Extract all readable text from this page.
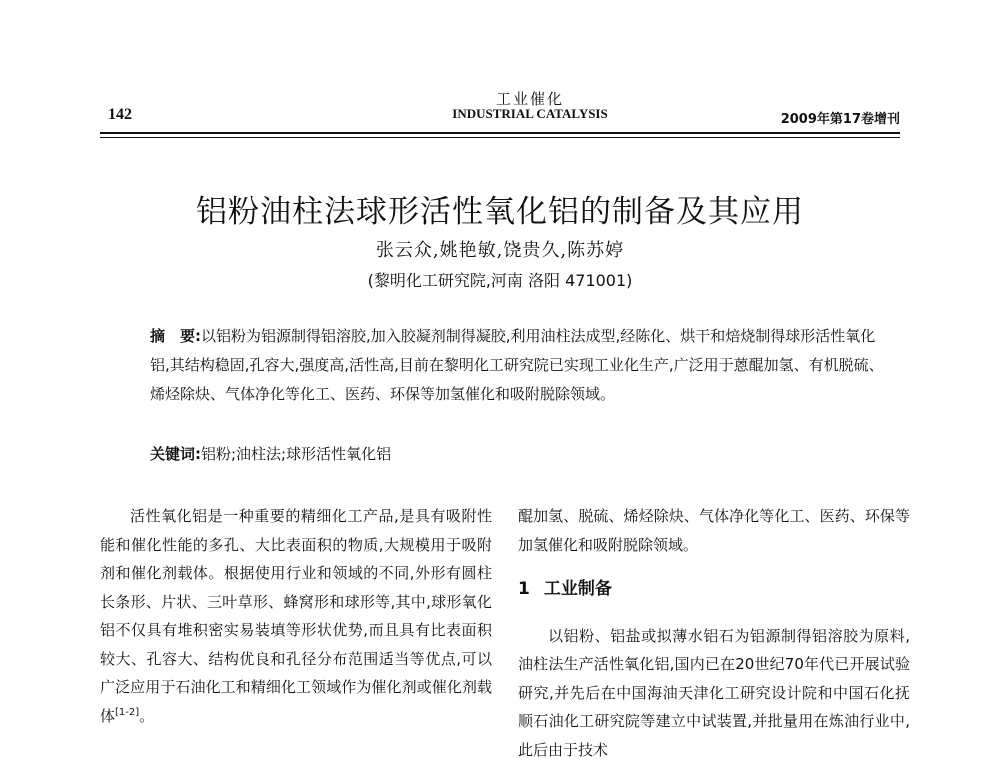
142
工业催化
INDUSTRIAL CATALYSIS	2009年第17卷增刊
铝粉油柱法球形活性氧化铝的制备及其应用
张云众,姚艳敏,饶贵久,陈苏婷
(黎明化工研究院,河南 洛阳 471001)

摘　要:以铝粉为铝源制得铝溶胶,加入胶凝剂制得凝胶,利用油柱法成型,经陈化、烘干和焙烧制得球形活性氧化铝,其结构稳固,孔容大,强度高,活性高,目前在黎明化工研究院已实现工业化生产,广泛用于蒽醌加氢、有机脱硫、烯烃除炔、气体净化等化工、医药、环保等加氢催化和吸附脱除领域。

关键词:铝粉;油柱法;球形活性氧化铝

活性氧化铝是一种重要的精细化工产品,是具有吸附性能和催化性能的多孔、大比表面积的物质,大规模用于吸附剂和催化剂载体。根据使用行业和领域的不同,外形有圆柱长条形、片状、三叶草形、蜂窝形和球形等,其中,球形氧化铝不仅具有堆积密实易装填等形状优势,而且具有比表面积较大、孔容大、结构优良和孔径分布范围适当等优点,可以广泛应用于石油化工和精细化工领域作为催化剂或催化剂载体[1-2]。

醌加氢、脱硫、烯烃除炔、气体净化等化工、医药、环保等加氢催化和吸附脱除领域。

1 工业制备

以铝粉、铝盐或拟薄水铝石为铝源制得铝溶胶为原料,油柱法生产活性氧化铝,国内已在20世纪70年代已开展试验研究,并先后在中国海油天津化工研究设计院和中国石化抚顺石油化工研究院等建立中试装置,并批量用在炼油行业中,此后由于技术
